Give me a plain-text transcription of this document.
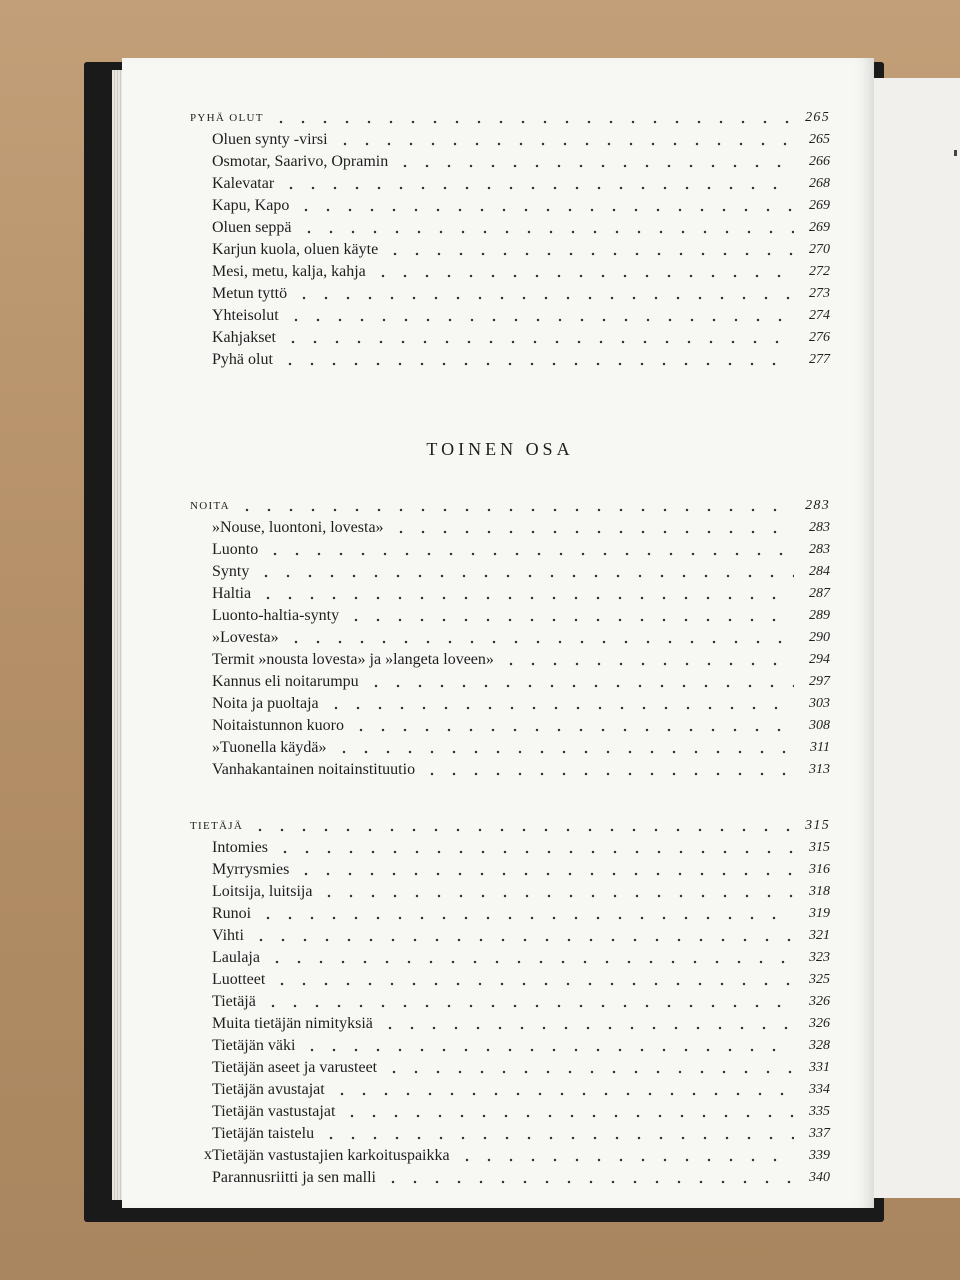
PYHÄ OLUT	265
Oluen synty -virsi	265
Osmotar, Saarivo, Opramin	266
Kalevatar	268
Kapu, Kapo	269
Oluen seppä	269
Karjun kuola, oluen käyte	270
Mesi, metu, kalja, kahja	272
Metun tyttö	273
Yhteisolut	274
Kahjakset	276
Pyhä olut	277
TOINEN OSA
NOITA	283
»Nouse, luontoni, lovesta»	283
Luonto	283
Synty	284
Haltia	287
Luonto-haltia-synty	289
»Lovesta»	290
Termit »nousta lovesta» ja »langeta loveen»	294
Kannus eli noitarumpu	297
Noita ja puoltaja	303
Noitaistunnon kuoro	308
»Tuonella käydä»	311
Vanhakantainen noitainstituutio	313
TIETÄJÄ	315
Intomies	315
Myrrysmies	316
Loitsija, luitsija	318
Runoi	319
Vihti	321
Laulaja	323
Luotteet	325
Tietäjä	326
Muita tietäjän nimityksiä	326
Tietäjän väki	328
Tietäjän aseet ja varusteet	331
Tietäjän avustajat	334
Tietäjän vastustajat	335
Tietäjän taistelu	337
Tietäjän vastustajien karkoituspaikka	339
Parannusriitti ja sen malli	340
x
